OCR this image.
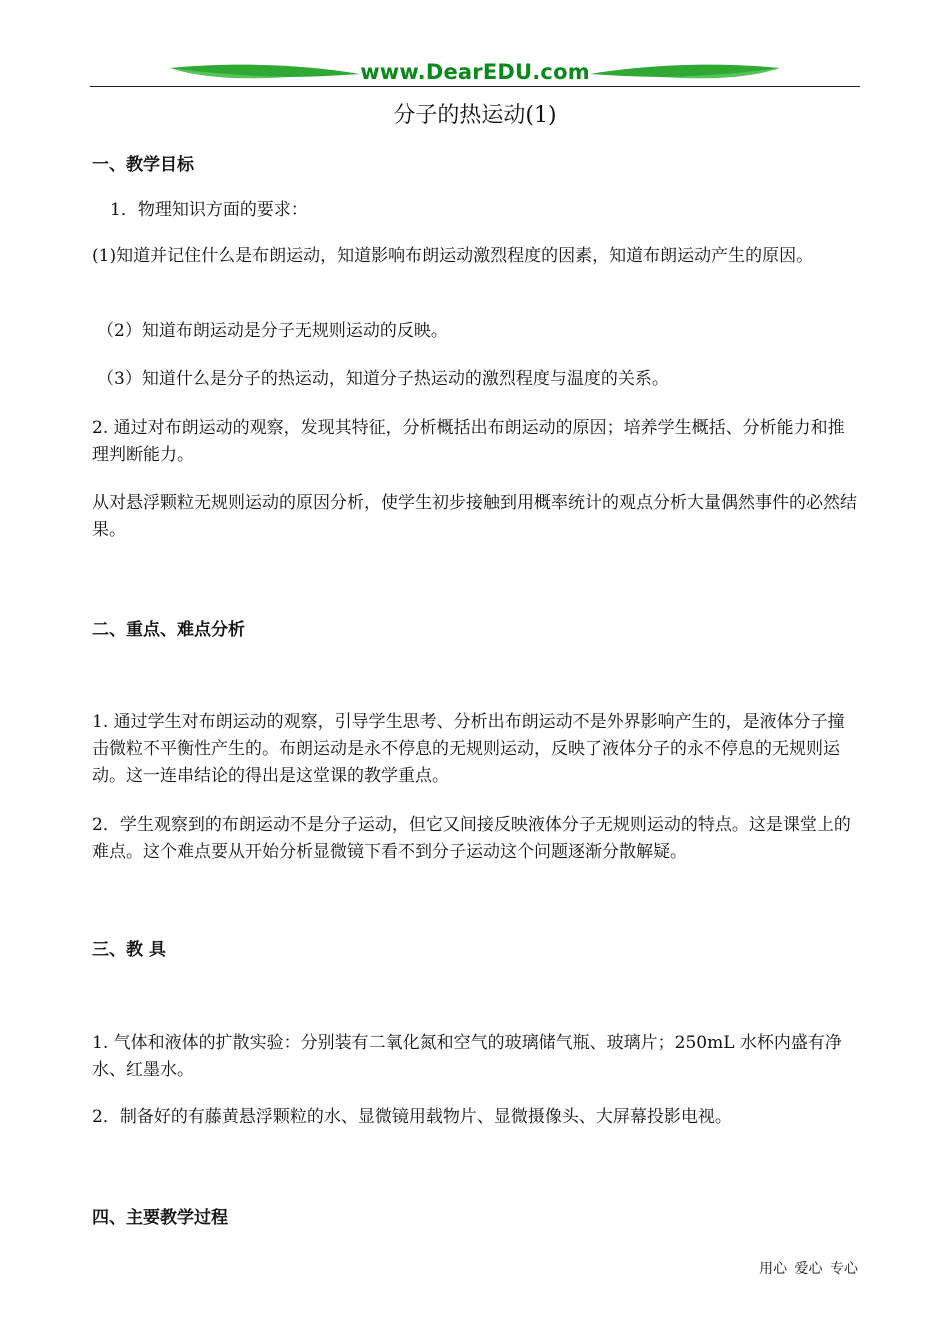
www.DearEDU.com
分子的热运动(1)
一、教学目标

1．物理知识方面的要求：

(1)知道并记住什么是布朗运动，知道影响布朗运动激烈程度的因素，知道布朗运动产生的原因。

（2）知道布朗运动是分子无规则运动的反映。

（3）知道什么是分子的热运动，知道分子热运动的激烈程度与温度的关系。

2. 通过对布朗运动的观察，发现其特征，分析概括出布朗运动的原因；培养学生概括、分析能力和推理判断能力。

从对悬浮颗粒无规则运动的原因分析，使学生初步接触到用概率统计的观点分析大量偶然事件的必然结果。

二、重点、难点分析

1. 通过学生对布朗运动的观察，引导学生思考、分析出布朗运动不是外界影响产生的，是液体分子撞击微粒不平衡性产生的。布朗运动是永不停息的无规则运动，反映了液体分子的永不停息的无规则运动。这一连串结论的得出是这堂课的教学重点。

2．学生观察到的布朗运动不是分子运动，但它又间接反映液体分子无规则运动的特点。这是课堂上的难点。这个难点要从开始分析显微镜下看不到分子运动这个问题逐渐分散解疑。

三、教 具

1. 气体和液体的扩散实验：分别装有二氧化氮和空气的玻璃储气瓶、玻璃片；250mL 水杯内盛有净水、红墨水。

2．制备好的有藤黄悬浮颗粒的水、显微镜用载物片、显微摄像头、大屏幕投影电视。

四、主要教学过程
用心 爱心 专心
